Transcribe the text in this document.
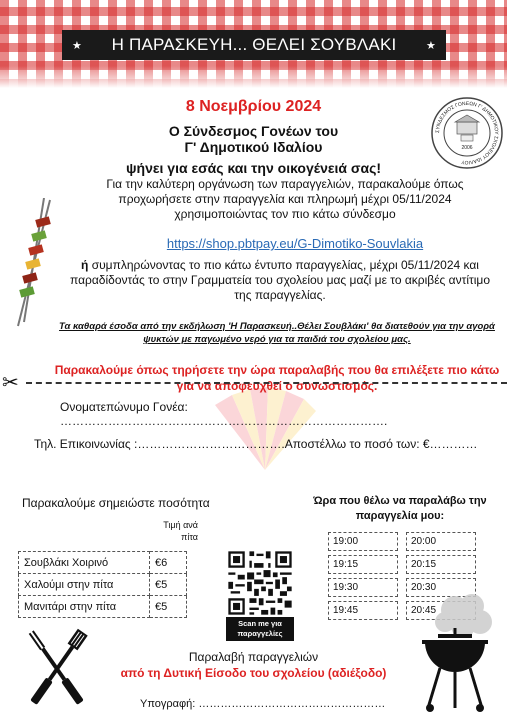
★ Η ΠΑΡΑΣΚΕΥΗ... ΘΕΛΕΙ ΣΟΥΒΛΑΚΙ	★
8 Νοεμβρίου 2024
Ο Σύνδεσμος Γονέων του
Γ' Δημοτικού Ιδαλίου
ψήνει για εσάς και την οικογένειά σας!
ΣΥΝΔΕΣΜΟΣ ΓΟΝΕΩΝ Γ' ΔΗΜΟΤΙΚΟΥ ΣΧΟΛΕΙΟΥ ΙΔΑΛΙΟΥ
2006
Για την καλύτερη οργάνωση των παραγγελιών, παρακαλούμε όπως προχωρήσετε στην παραγγελία και πληρωμή μέχρι 05/11/2024 χρησιμοποιώντας τον πιο κάτω σύνδεσμο
https://shop.pbtpay.eu/G-Dimotiko-Souvlakia
ή συμπληρώνοντας το πιο κάτω έντυπο παραγγελίας, μέχρι 05/11/2024 και παραδίδοντάς το στην Γραμματεία του σχολείου μας μαζί με το ακριβές αντίτιμο της παραγγελίας.
Τα καθαρά έσοδα από την εκδήλωση 'Η Παρασκευή..Θέλει Σουβλάκι' θα διατεθούν για την αγορά ψυκτών με παγωμένο νερό για τα παιδιά του σχολείου μας.
Παρακαλούμε όπως τηρήσετε την ώρα παραλαβής που θα επιλέξετε πιο κάτω για να αποφευχθεί ο συνωστισμός.
✂
Ονοματεπώνυμο Γονέα: ……………………………………………………………………….
Τηλ. Επικοινωνίας :……………………………….Αποστέλλω το ποσό των: €…………
Παρακαλούμε σημειώστε ποσότητα
Τιμή ανά πίτα
Σουβλάκι Χοιρινό	€6
Χαλούμι στην πίτα	€5
Μανιτάρι στην πίτα	€5
Scan me για παραγγελίες
Ώρα που θέλω να παραλάβω την παραγγελία μου:
19:00	20:00
19:15	20:15
19:30	20:30
19:45	20:45
Παραλαβή παραγγελιών
από τη Δυτική Είσοδο του σχολείου (αδιέξοδο)
Υπογραφή: ……………………………………………
